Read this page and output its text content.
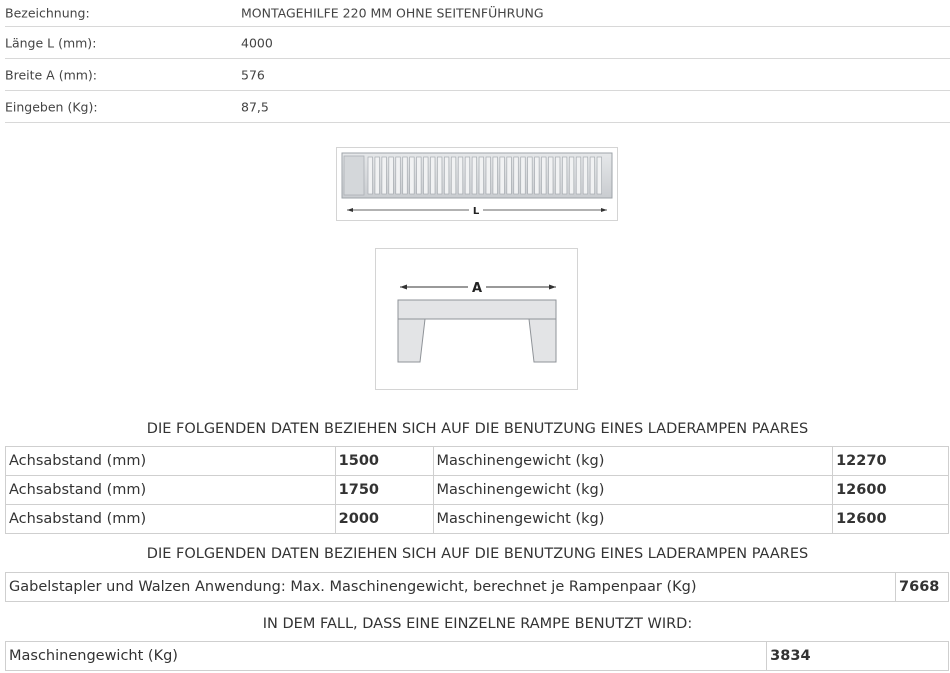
Bezeichnung:	MONTAGEHILFE 220 MM OHNE SEITENFÜHRUNG
Länge L (mm):	4000
Breite A (mm):	576
Eingeben (Kg):	87,5
L
A
DIE FOLGENDEN DATEN BEZIEHEN SICH AUF DIE BENUTZUNG EINES LADERAMPEN PAARES
Achsabstand (mm)	1500	Maschinengewicht (kg)	12270
Achsabstand (mm)	1750	Maschinengewicht (kg)	12600
Achsabstand (mm)	2000	Maschinengewicht (kg)	12600
DIE FOLGENDEN DATEN BEZIEHEN SICH AUF DIE BENUTZUNG EINES LADERAMPEN PAARES
Gabelstapler und Walzen Anwendung: Max. Maschinengewicht, berechnet je Rampenpaar (Kg)	7668
IN DEM FALL, DASS EINE EINZELNE RAMPE BENUTZT WIRD:
Maschinengewicht (Kg)	3834
